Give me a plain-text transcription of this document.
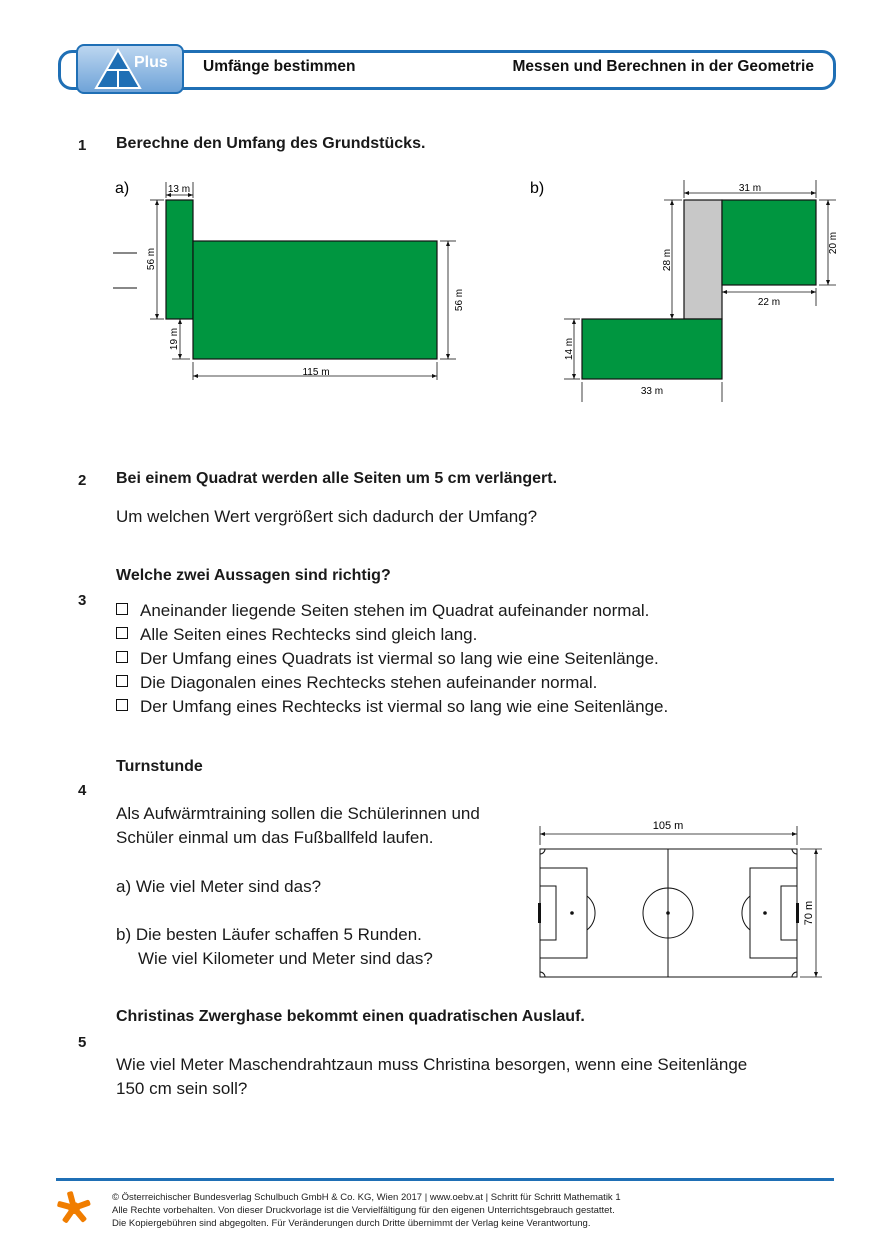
Plus Umfänge bestimmen	Messen und Berechnen in der Geometrie
1 Berechne den Umfang des Grundstücks.
a)	13 m
56 m
19 m
56 m
115 m
b)	31 m
28 m
20 m
22 m
14 m
33 m
2 Bei einem Quadrat werden alle Seiten um 5 cm verlängert.
Um welchen Wert vergrößert sich dadurch der Umfang?
Welche zwei Aussagen sind richtig?
3
Aneinander liegende Seiten stehen im Quadrat aufeinander normal.
Alle Seiten eines Rechtecks sind gleich lang.
Der Umfang eines Quadrats ist viermal so lang wie eine Seitenlänge.
Die Diagonalen eines Rechtecks stehen aufeinander normal.
Der Umfang eines Rechtecks ist viermal so lang wie eine Seitenlänge.
Turnstunde
4
Als Aufwärmtraining sollen die Schülerinnen und
Schüler einmal um das Fußballfeld laufen.
a) Wie viel Meter sind das?
b) Die besten Läufer schaffen 5 Runden.
Wie viel Kilometer und Meter sind das?
105 m
70 m
Christinas Zwerghase bekommt einen quadratischen Auslauf.
5
Wie viel Meter Maschendrahtzaun muss Christina besorgen, wenn eine Seitenlänge
150 cm sein soll?
© Österreichischer Bundesverlag Schulbuch GmbH & Co. KG, Wien 2017 | www.oebv.at | Schritt für Schritt Mathematik 1
Alle Rechte vorbehalten. Von dieser Druckvorlage ist die Vervielfältigung für den eigenen Unterrichtsgebrauch gestattet.
Die Kopiergebühren sind abgegolten. Für Veränderungen durch Dritte übernimmt der Verlag keine Verantwortung.
